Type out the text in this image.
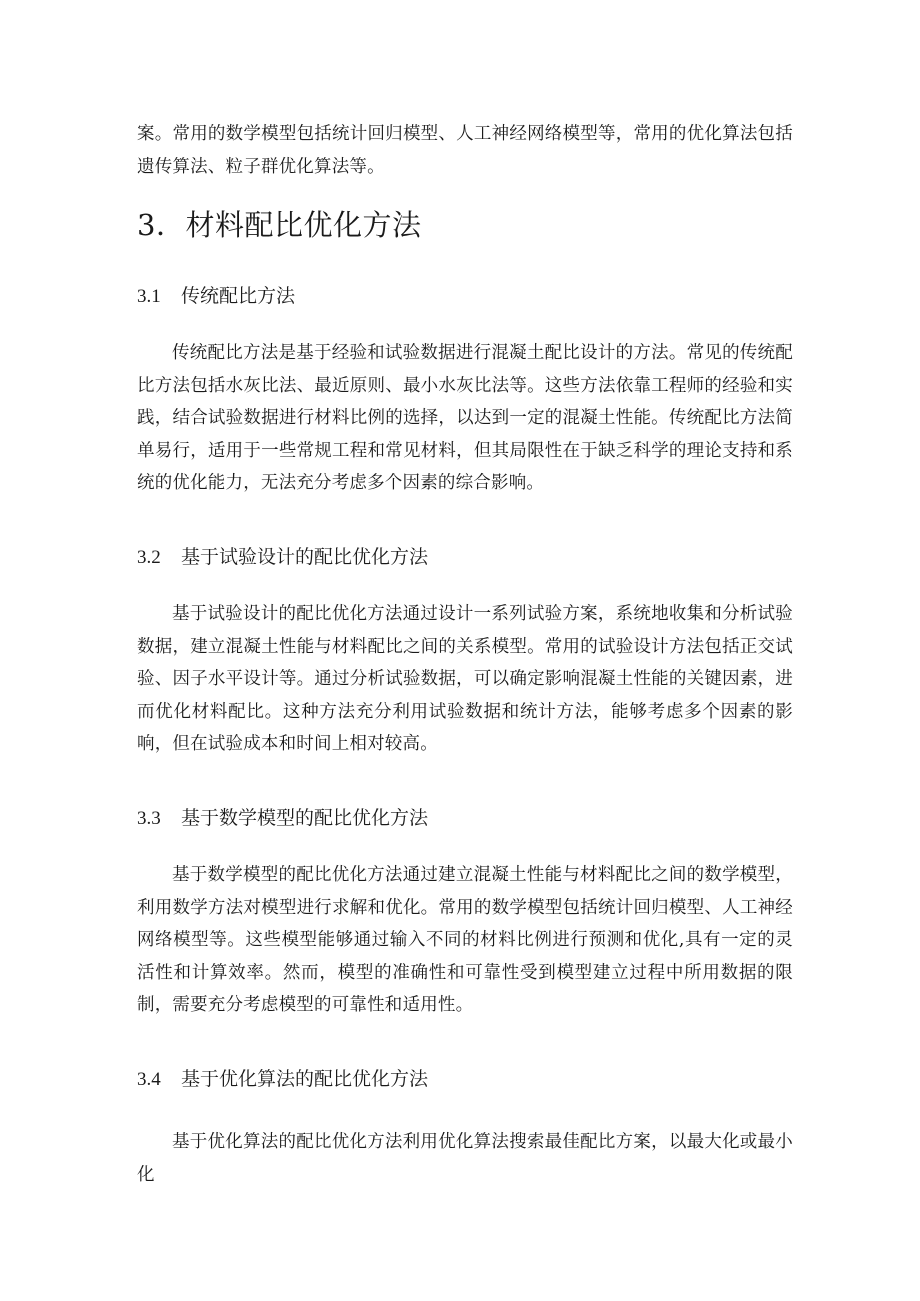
案。常用的数学模型包括统计回归模型、人工神经网络模型等，常用的优化算法包括遗传算法、粒子群优化算法等。

3．材料配比优化方法
3.1 传统配比方法

传统配比方法是基于经验和试验数据进行混凝土配比设计的方法。常见的传统配比方法包括水灰比法、最近原则、最小水灰比法等。这些方法依靠工程师的经验和实践，结合试验数据进行材料比例的选择，以达到一定的混凝土性能。传统配比方法简单易行，适用于一些常规工程和常见材料，但其局限性在于缺乏科学的理论支持和系统的优化能力，无法充分考虑多个因素的综合影响。

3.2 基于试验设计的配比优化方法

基于试验设计的配比优化方法通过设计一系列试验方案，系统地收集和分析试验数据，建立混凝土性能与材料配比之间的关系模型。常用的试验设计方法包括正交试验、因子水平设计等。通过分析试验数据，可以确定影响混凝土性能的关键因素，进而优化材料配比。这种方法充分利用试验数据和统计方法，能够考虑多个因素的影响，但在试验成本和时间上相对较高。

3.3 基于数学模型的配比优化方法

基于数学模型的配比优化方法通过建立混凝土性能与材料配比之间的数学模型，利用数学方法对模型进行求解和优化。常用的数学模型包括统计回归模型、人工神经网络模型等。这些模型能够通过输入不同的材料比例进行预测和优化,具有一定的灵活性和计算效率。然而，模型的准确性和可靠性受到模型建立过程中所用数据的限制，需要充分考虑模型的可靠性和适用性。

3.4 基于优化算法的配比优化方法

基于优化算法的配比优化方法利用优化算法搜索最佳配比方案，以最大化或最小化
